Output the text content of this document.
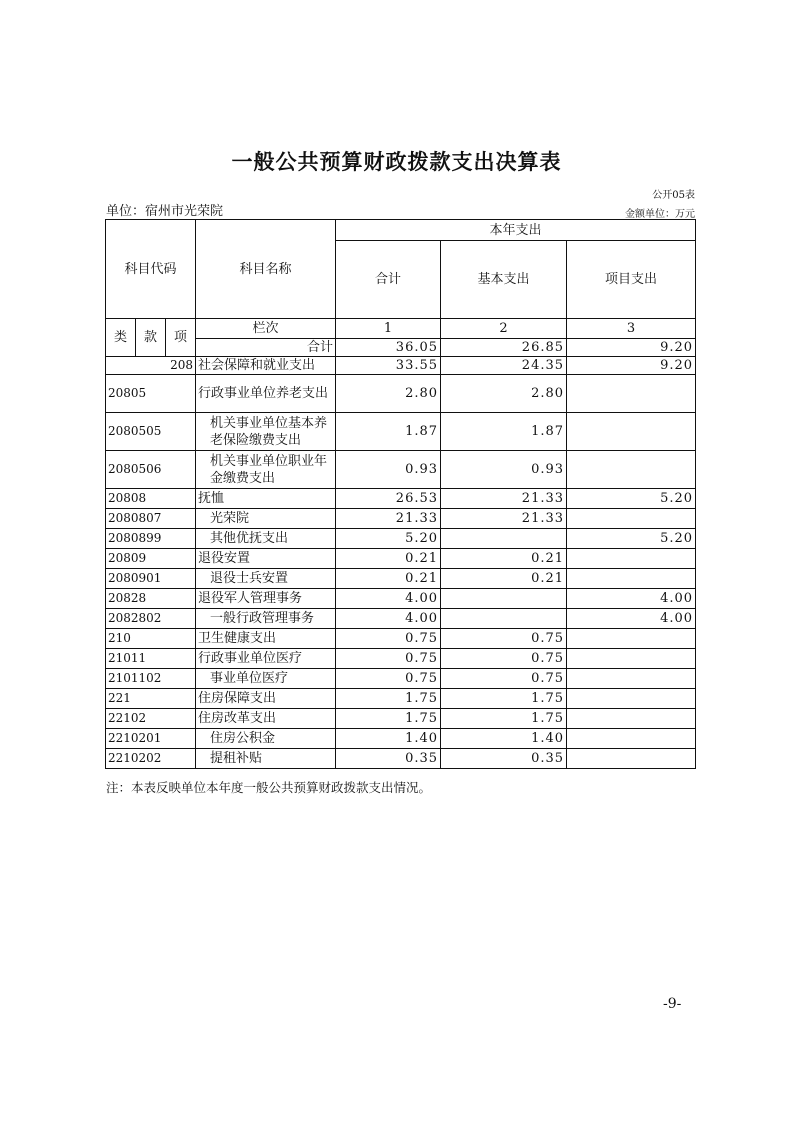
一般公共预算财政拨款支出决算表
公开05表
单位：宿州市光荣院	金额单位：万元
科目代码			科目名称	本年支出		
				合计	基本支出	项目支出
类	款	项	栏次	1	2	3
			合计	36.05	26.85	9.20
208			社会保障和就业支出	33.55	24.35	9.20
20805			行政事业单位养老支出	2.80	2.80	
2080505			机关事业单位基本养老保险缴费支出	1.87	1.87	
2080506			机关事业单位职业年金缴费支出	0.93	0.93	
20808			抚恤	26.53	21.33	5.20
2080807			光荣院	21.33	21.33	
2080899			其他优抚支出	5.20		5.20
20809			退役安置	0.21	0.21	
2080901			退役士兵安置	0.21	0.21	
20828			退役军人管理事务	4.00		4.00
2082802			一般行政管理事务	4.00		4.00
210			卫生健康支出	0.75	0.75	
21011			行政事业单位医疗	0.75	0.75	
2101102			事业单位医疗	0.75	0.75	
221			住房保障支出	1.75	1.75	
22102			住房改革支出	1.75	1.75	
2210201			住房公积金	1.40	1.40	
2210202			提租补贴	0.35	0.35	
注：本表反映单位本年度一般公共预算财政拨款支出情况。
-9-
